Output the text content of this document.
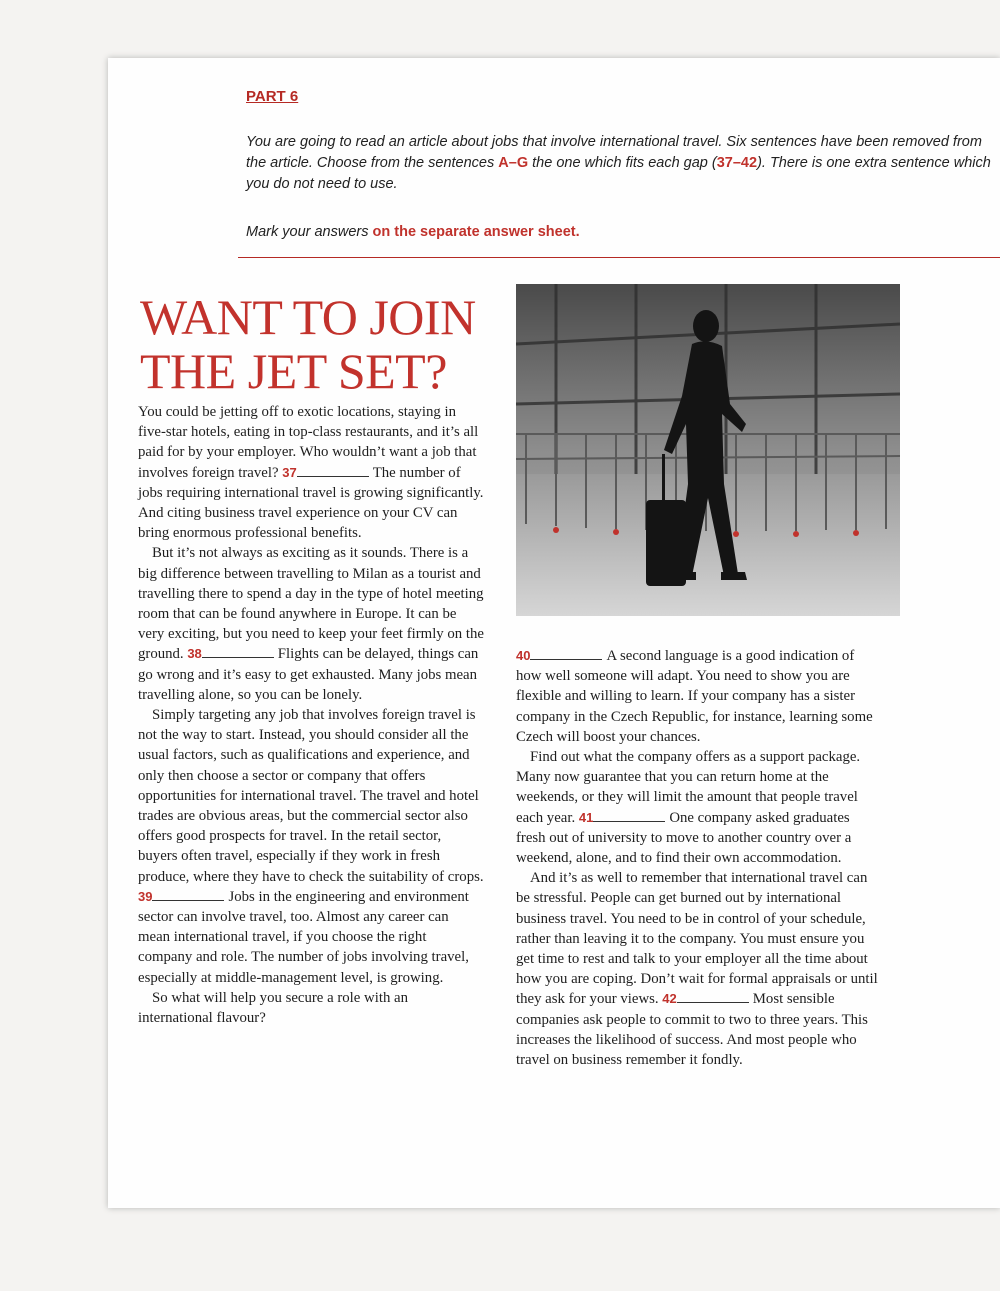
PART 6
You are going to read an article about jobs that involve international travel. Six sentences have been removed from the article. Choose from the sentences A–G the one which fits each gap (37–42). There is one extra sentence which you do not need to use.
Mark your answers on the separate answer sheet.
WANT TO JOIN
THE JET SET?

You could be jetting off to exotic locations, staying in five-star hotels, eating in top-class restaurants, and it’s all paid for by your employer. Who wouldn’t want a job that involves foreign travel? 37	The number of jobs requiring international travel is growing significantly. And citing business travel experience on your CV can bring enormous professional benefits.

But it’s not always as exciting as it sounds. There is a big difference between travelling to Milan as a tourist and travelling there to spend a day in the type of hotel meeting room that can be found anywhere in Europe. It can be very exciting, but you need to keep your feet firmly on the ground. 38	Flights can be delayed, things can go wrong and it’s easy to get exhausted. Many jobs mean travelling alone, so you can be lonely.

Simply targeting any job that involves foreign travel is not the way to start. Instead, you should consider all the usual factors, such as qualifications and experience, and only then choose a sector or company that offers opportunities for international travel. The travel and hotel trades are obvious areas, but the commercial sector also offers good prospects for travel. In the retail sector, buyers often travel, especially if they work in fresh produce, where they have to check the suitability of crops. 39	Jobs in the engineering and environment sector can involve travel, too. Almost any career can mean international travel, if you choose the right company and role. The number of jobs involving travel, especially at middle-management level, is growing.

So what will help you secure a role with an international flavour?

40	A second language is a good indication of how well someone will adapt. You need to show you are flexible and willing to learn. If your company has a sister company in the Czech Republic, for instance, learning some Czech will boost your chances.

Find out what the company offers as a support package. Many now guarantee that you can return home at the weekends, or they will limit the amount that people travel each year. 41	One company asked graduates fresh out of university to move to another country over a weekend, alone, and to find their own accommodation.

And it’s as well to remember that international travel can be stressful. People can get burned out by international business travel. You need to be in control of your schedule, rather than leaving it to the company. You must ensure you get time to rest and talk to your employer all the time about how you are coping. Don’t wait for formal appraisals or until they ask for your views. 42	Most sensible companies ask people to commit to two to three years. This increases the likelihood of success. And most people who travel on business remember it fondly.
